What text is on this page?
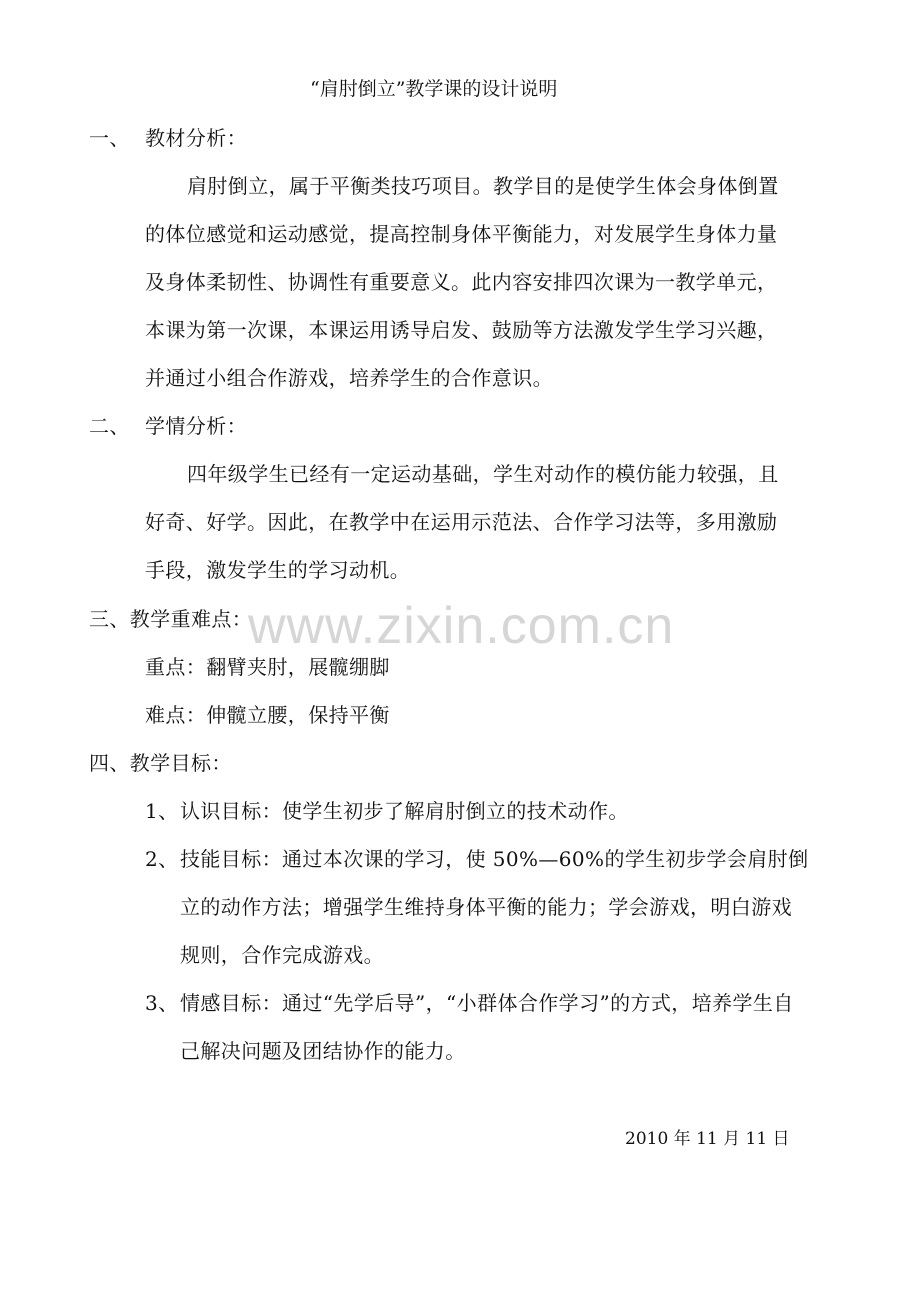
“肩肘倒立”教学课的设计说明
一、 教材分析：
肩肘倒立，属于平衡类技巧项目。教学目的是使学生体会身体倒置
的体位感觉和运动感觉，提高控制身体平衡能力，对发展学生身体力量
及身体柔韧性、协调性有重要意义。此内容安排四次课为一教学单元，
本课为第一次课，本课运用诱导启发、鼓励等方法激发学生学习兴趣，
并通过小组合作游戏，培养学生的合作意识。
二、 学情分析：
四年级学生已经有一定运动基础，学生对动作的模仿能力较强，且
好奇、好学。因此，在教学中在运用示范法、合作学习法等，多用激励
手段，激发学生的学习动机。
www.zixin.com.cn
三、教学重难点：
重点：翻臂夹肘，展髋绷脚
难点：伸髋立腰，保持平衡
四、教学目标：
1、 认识目标：使学生初步了解肩肘倒立的技术动作。
2、 技能目标：通过本次课的学习，使 50%—60%的学生初步学会肩肘倒
立的动作方法；增强学生维持身体平衡的能力；学会游戏，明白游戏
规则，合作完成游戏。
3、 情感目标：通过“先学后导”，“小群体合作学习”的方式，培养学生自
己解决问题及团结协作的能力。
2010 年 11 月 11 日
